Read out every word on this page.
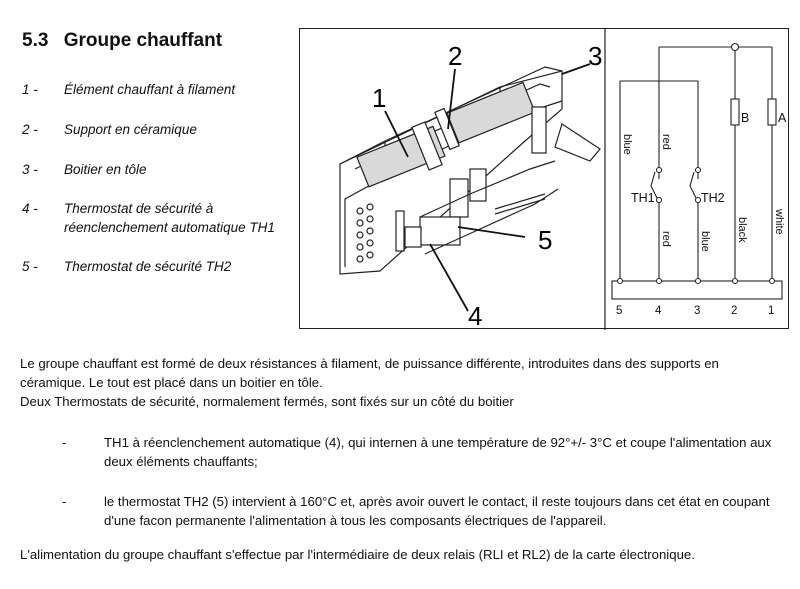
5.3 Groupe chauffant
1 -	Élément chauffant à filament
2 -	Support en céramique
3 -	Boitier en tôle
4 -	Thermostat de sécurité à réenclenchement automatique TH1
5 -	Thermostat de sécurité TH2
1
2	3
4
5
blue red
red blue black white
TH1	TH2
B A
5	4	3	2	1

Le groupe chauffant est formé de deux résistances à filament, de puissance différente, introduites dans des supports en céramique. Le tout est placé dans un boitier en tôle.

Deux Thermostats de sécurité, normalement fermés, sont fixés sur un côté du boitier

-	TH1 à réenclenchement automatique (4), qui internen à une température de 92°+/- 3°C et coupe l'alimentation aux deux éléments chauffants;
-	le thermostat TH2 (5) intervient à 160°C et, après avoir ouvert le contact, il reste toujours dans cet état en coupant d'une facon permanente l'alimentation à tous les composants électriques de l'appareil.
L'alimentation du groupe chauffant s'effectue par l'intermédiaire de deux relais (RLI et RL2) de la carte électronique.
